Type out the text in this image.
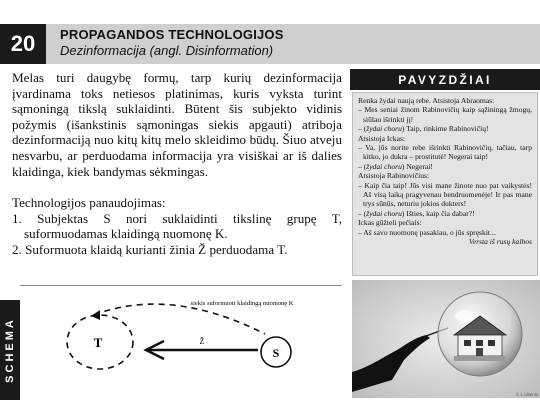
20	PROPAGANDOS TECHNOLOGIJOS
Dezinformacija (angl. Disinformation)

Melas turi daugybę formų, tarp kurių dezinformacija įvardinama toks netiesos platinimas, kuris vyksta turint sąmoningą tikslą suklaidinti. Būtent šis subjekto vidinis požymis (išankstinis sąmoningas siekis apgauti) atriboja dezinformaciją nuo kitų kitų melo skleidimo būdų. Šiuo atveju nesvarbu, ar perduodama informacija yra visiškai ar iš dalies klaidinga, kiek bandymas sėkmingas.

Technologijos panaudojimas:

1. Subjektas S nori suklaidinti tikslinę grupę T, suformuodamas klaidingą nuomonę K.

2. Suformuota klaidą kurianti žinia Ž perduodama T.

PAVYZDŽIAI
Renka žydai naują rebe. Atsistoja Abraomas:
– Mes seniai žinom Rabinovičių kaip sąžiningą žmogų, siūlau išrinkti jį!
– (žydai choru) Taip, rinkime Rabinovičių!
Atsistoja Ickas:
– Va, jūs norite rebe išrinkti Rabinovičių, tačiau, tarp kitko, jo dukra – prostitutė! Negerai taip!
– (žydai choru) Negerai!
Atsistoja Rabinovičius:
– Kaip čia taip! Jūs visi mane žinote nuo pat vaikystės! Aš visą laiką pragyvenau bendruomenėje! Ir pas mane trys sūnūs, neturiu jokios dukters!
– (žydai choru) Išties, kaip čia dabar?!
Ickas gūžteli pečiais:
– Aš savo nuomonę pasakiau, o jūs spręskit...
Versta iš rusų kalbos
SCHEMA	T
siekis suformuoti klaidingą nuomonę K
S
Ž
© L.Ukenis
